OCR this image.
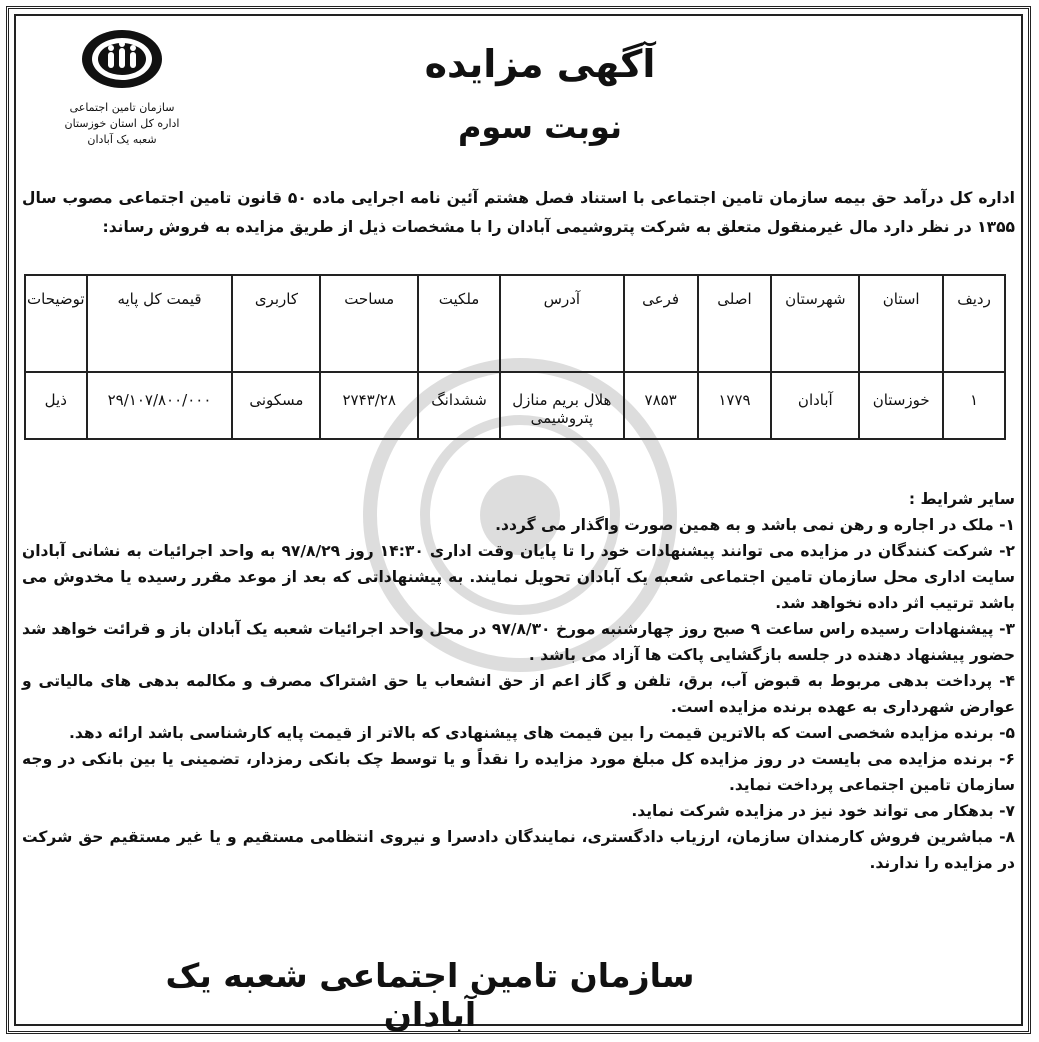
سازمان تامین اجتماعی
اداره کل استان خوزستان
شعبه یک آبادان
آگهی مزایده
نوبت سوم
اداره کل درآمد حق بیمه سازمان تامین اجتماعی با استناد فصل هشتم آئین نامه اجرایی ماده ۵۰ قانون تامین اجتماعی مصوب سال ۱۳۵۵ در نظر دارد مال غیرمنقول متعلق به شرکت پتروشیمی آبادان را با مشخصات ذیل از طریق مزایده به فروش رساند:
ردیف	استان	شهرستان	اصلی	فرعی	آدرس	ملکیت	مساحت	کاربری	قیمت کل پایه	توضیحات
۱	خوزستان	آبادان	۱۷۷۹	۷۸۵۳	هلال بریم منازل پتروشیمی	ششدانگ	۲۷۴۳/۲۸	مسکونی	۲۹/۱۰۷/۸۰۰/۰۰۰	ذیل

سایر شرایط :

۱- ملک در اجاره و رهن نمی باشد و به همین صورت واگذار می گردد.

۲- شرکت کنندگان در مزایده می توانند پیشنهادات خود را تا پایان وقت اداری ۱۴:۳۰ روز ۹۷/۸/۲۹ به واحد اجرائیات به نشانی آبادان سایت اداری محل سازمان تامین اجتماعی شعبه یک آبادان تحویل نمایند. به پیشنهاداتی که بعد از موعد مقرر رسیده یا مخدوش می باشد ترتیب اثر داده نخواهد شد.

۳- پیشنهادات رسیده راس ساعت ۹ صبح روز چهارشنبه مورخ ۹۷/۸/۳۰ در محل واحد اجرائیات شعبه یک آبادان باز و قرائت خواهد شد حضور پیشنهاد دهنده در جلسه بازگشایی پاکت ها آزاد می باشد .

۴- پرداخت بدهی مربوط به قبوض آب، برق، تلفن و گاز اعم از حق انشعاب یا حق اشتراک مصرف و مکالمه بدهی های مالیاتی و عوارض شهرداری به عهده برنده مزایده است.

۵- برنده مزایده شخصی است که بالاترین قیمت را بین قیمت های پیشنهادی که بالاتر از قیمت پایه کارشناسی باشد ارائه دهد.

۶- برنده مزایده می بایست در روز مزایده کل مبلغ مورد مزایده را نقداً و یا توسط چک بانکی رمزدار، تضمینی یا بین بانکی در وجه سازمان تامین اجتماعی پرداخت نماید.

۷- بدهکار می تواند خود نیز در مزایده شرکت نماید.

۸- مباشرین فروش کارمندان سازمان، ارزیاب دادگستری، نمایندگان دادسرا و نیروی انتظامی مستقیم و یا غیر مستقیم حق شرکت در مزایده را ندارند.

سازمان تامین اجتماعی شعبه یک آبادان
